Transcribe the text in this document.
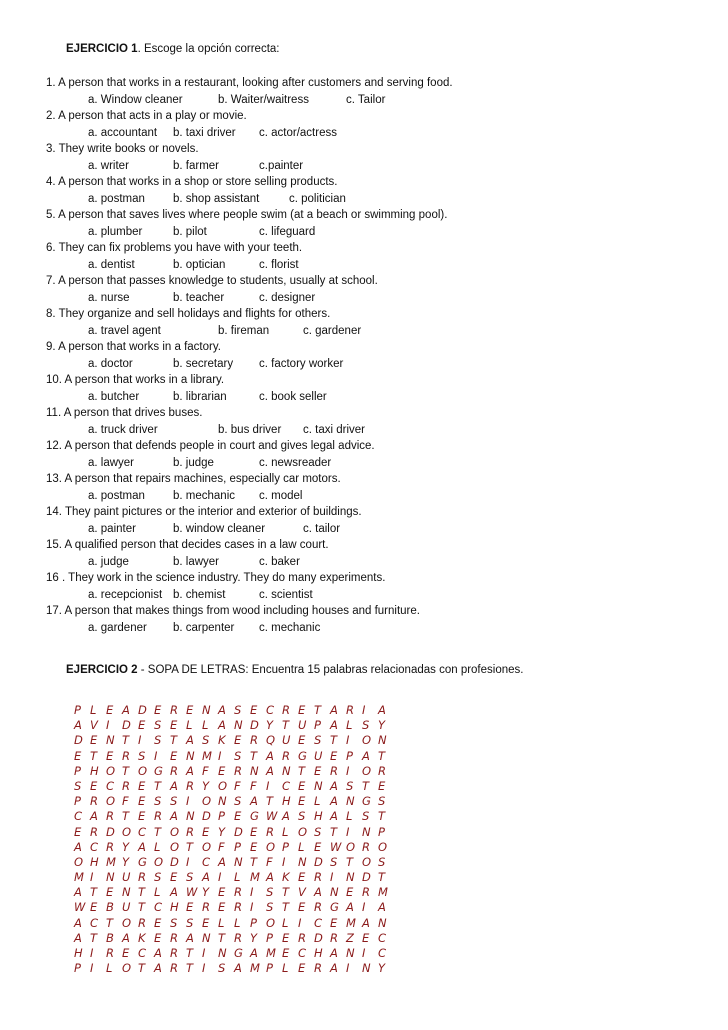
EJERCICIO 1. Escoge la opción correcta:
1. A person that works in a restaurant, looking after customers and serving food.
a. Window cleaner	b. Waiter/waitress	c. Tailor
2. A person that acts in a play or movie.
a. accountant b. taxi driver c. actor/actress
3. They write books or novels.
a. writer	b. farmer	c.painter
4. A person that works in a shop or store selling products.
a. postman b. shop assistant	c. politician
5. A person that saves lives where people swim (at a beach or swimming pool).
a. plumber	b. pilot	c. lifeguard
6. They can fix problems you have with your teeth.
a. dentist	b. optician	c. florist
7. A person that passes knowledge to students, usually at school.
a. nurse	b. teacher	c. designer
8. They organize and sell holidays and flights for others.
a. travel agent	b. fireman	c. gardener
9. A person that works in a factory.
a. doctor	b. secretary c. factory worker
10. A person that works in a library.
a. butcher	b. librarian	c. book seller
11. A person that drives buses.
a. truck driver	b. bus driver c. taxi driver
12. A person that defends people in court and gives legal advice.
a. lawyer	b. judge	c. newsreader
13. A person that repairs machines, especially car motors.
a. postman b. mechanic c. model
14. They paint pictures or the interior and exterior of buildings.
a. painter	b. window cleaner	c. tailor
15. A qualified person that decides cases in a law court.
a. judge	b. lawyer	c. baker
16 . They work in the science industry. They do many experiments.
a. recepcionist b. chemist	c. scientist
17. A person that makes things from wood including houses and furniture.
a. gardener b. carpenter c. mechanic
EJERCICIO 2 - SOPA DE LETRAS: Encuentra 15 palabras relacionadas con profesiones.
P L E A D E R E N A S E C R E T A R I	A
A V I	D E S E L L A N D Y T U P A L S Y
D E N T I	S T A S K E R Q U E S T I	O N
E T E R S I	E N M I	S T A R G U E P A T
P H O T O G R A F E R N A N T E R I	O R
S E C R E T A R Y O F F I	C E N A S T E
P R O F E S S I	O N S A T H E L A N G S
C A R T E R A N D P E G W A S H A L S T
E R D O C T O R E Y D E R L O S T I	N P
A C R Y A L O T O F P E O P L E W O R O
O H M Y G O D I	C A N T F I	N D S T O S
M I	N U R S E S A I	L M A K E R I	N D T
A T E N T L A W Y E R I	S T V A N E R M
W E B U T C H E R E R I	S T E R G A I	A
A C T O R E S S E L L P O L I	C E M A N
A T B A K E R A N T R Y P E R D R Z E C
H I	R E C A R T I	N G A M E C H A N I	C
P I	L O T A R T I	S A M P L E R A I	N Y
